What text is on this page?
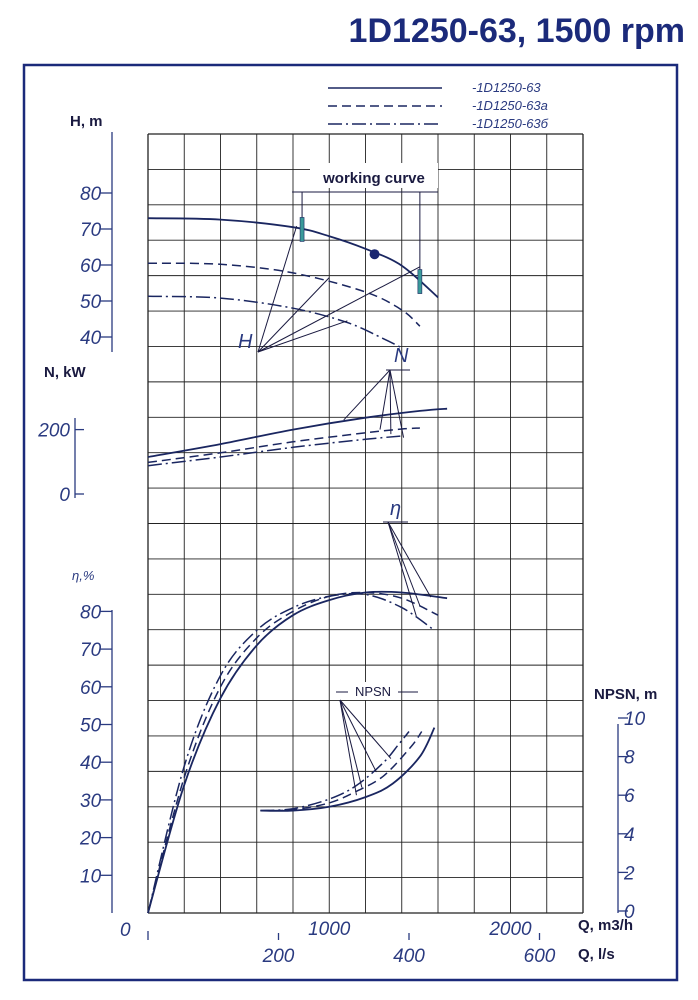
1D1250-63, 1500 rpm
H, m
80
70
60
50
40
N, kW
200
0
η,%
80
70
60
50
40
30
20
10
NPSN, m
10
8
6
4
2
0
0	1000	2000	Q, m3/h
200	400	600 Q, l/s
-1D1250-63
-1D1250-63a
-1D1250-63б
working curve
H
N
η
NPSN
